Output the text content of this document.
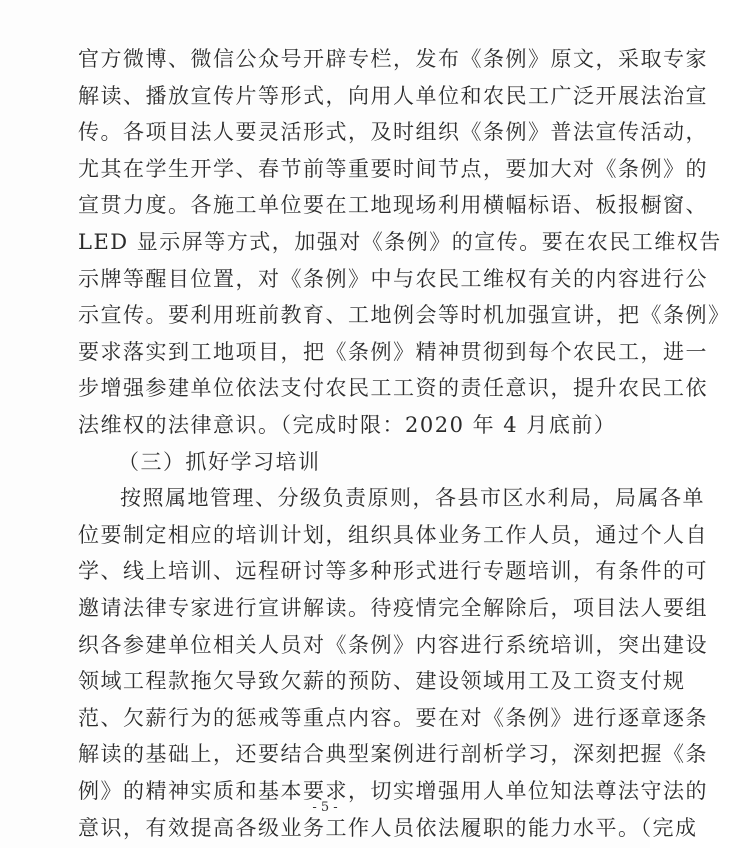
官方微博、微信公众号开辟专栏，发布《条例》原文，采取专家
解读、播放宣传片等形式，向用人单位和农民工广泛开展法治宣
传。各项目法人要灵活形式，及时组织《条例》普法宣传活动，
尤其在学生开学、春节前等重要时间节点，要加大对《条例》的
宣贯力度。各施工单位要在工地现场利用横幅标语、板报橱窗、
LED 显示屏等方式，加强对《条例》的宣传。要在农民工维权告
示牌等醒目位置，对《条例》中与农民工维权有关的内容进行公
示宣传。要利用班前教育、工地例会等时机加强宣讲，把《条例》
要求落实到工地项目，把《条例》精神贯彻到每个农民工，进一
步增强参建单位依法支付农民工工资的责任意识，提升农民工依
法维权的法律意识。（完成时限：2020 年 4 月底前）
（三）抓好学习培训
按照属地管理、分级负责原则，各县市区水利局，局属各单
位要制定相应的培训计划，组织具体业务工作人员，通过个人自
学、线上培训、远程研讨等多种形式进行专题培训，有条件的可
邀请法律专家进行宣讲解读。待疫情完全解除后，项目法人要组
织各参建单位相关人员对《条例》内容进行系统培训，突出建设
领域工程款拖欠导致欠薪的预防、建设领域用工及工资支付规
范、欠薪行为的惩戒等重点内容。要在对《条例》进行逐章逐条
解读的基础上，还要结合典型案例进行剖析学习，深刻把握《条
例》的精神实质和基本要求，切实增强用人单位知法尊法守法的
意识，有效提高各级业务工作人员依法履职的能力水平。（完成
- 5 -
